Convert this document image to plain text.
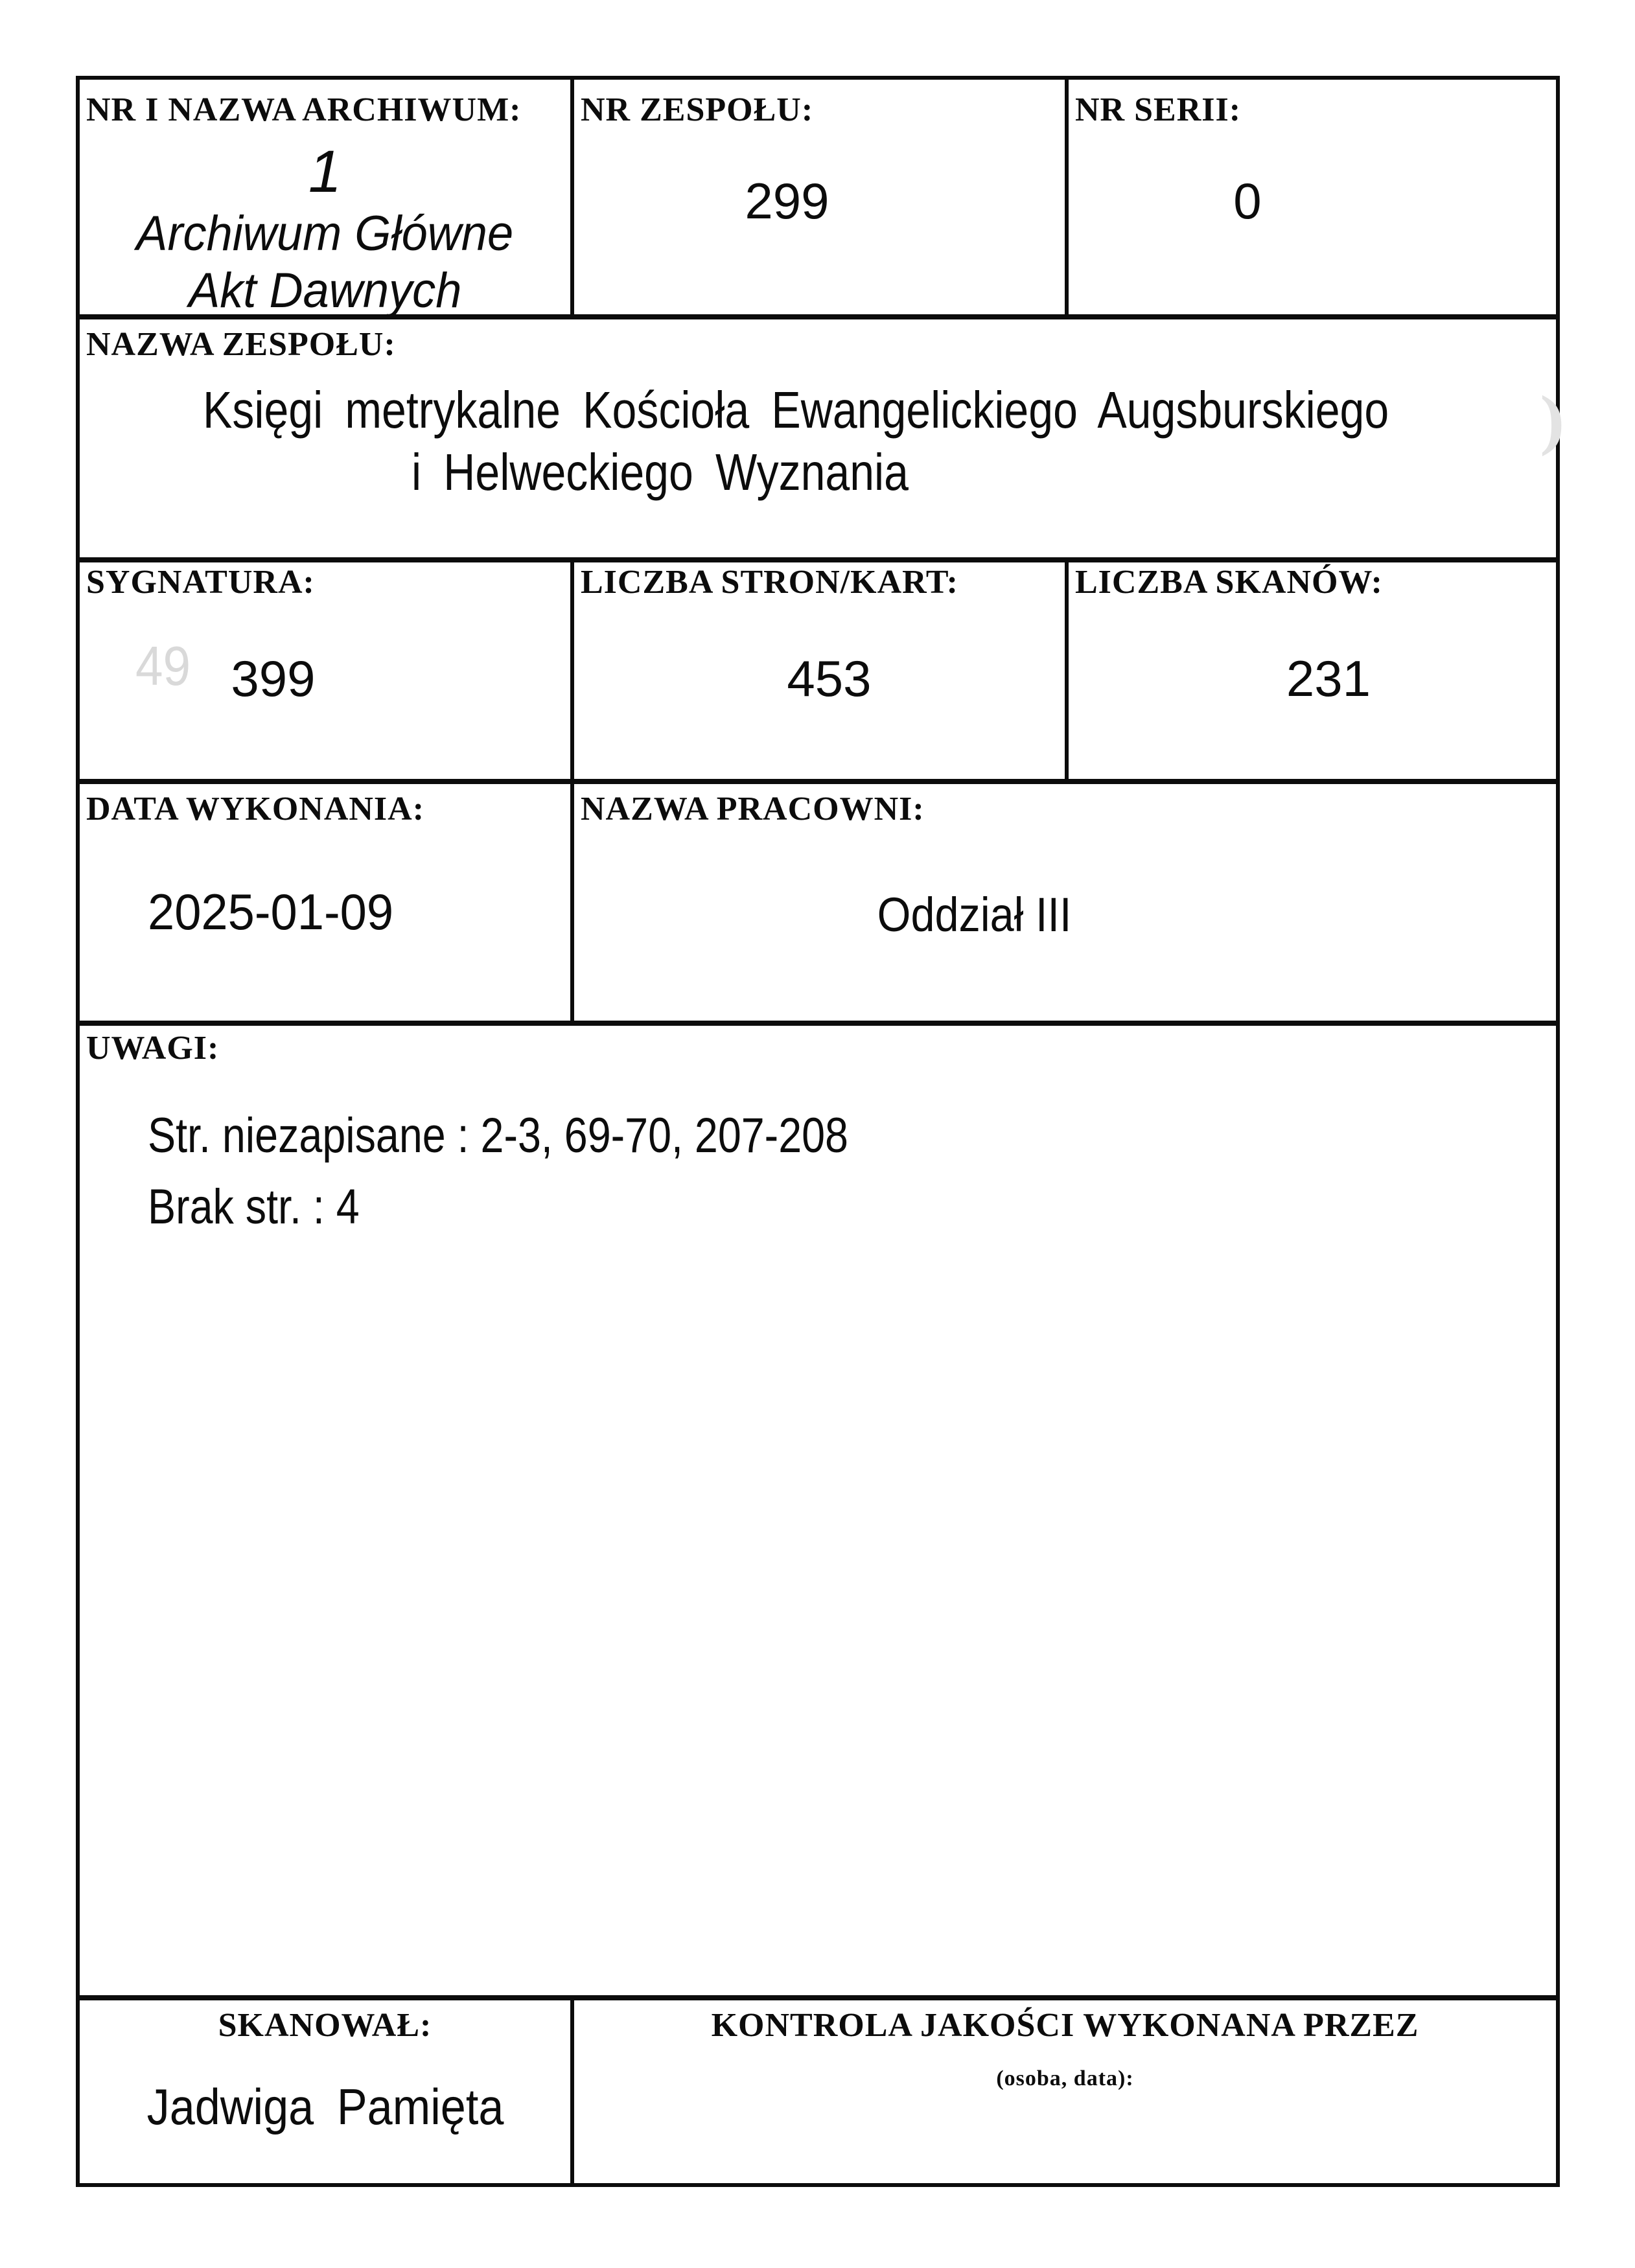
NR I NAZWA ARCHIWUM:
1
Archiwum Główne
Akt Dawnych
NR ZESPOŁU:
299
NR SERII:
0
NAZWA ZESPOŁU:
Księgi metrykalne Kościoła Ewangelickiego Augsburskiego
i Helweckiego Wyznania
SYGNATURA:
49 399
LICZBA STRON/KART:
453
LICZBA SKANÓW:
231
DATA WYKONANIA:
2025-01-09
NAZWA PRACOWNI:
Oddział III
UWAGI:
Str. niezapisane : 2-3, 69-70, 207-208
Brak str. : 4
SKANOWAŁ:
Jadwiga Pamięta
KONTROLA JAKOŚCI WYKONANA PRZEZ
(osoba, data):
)
